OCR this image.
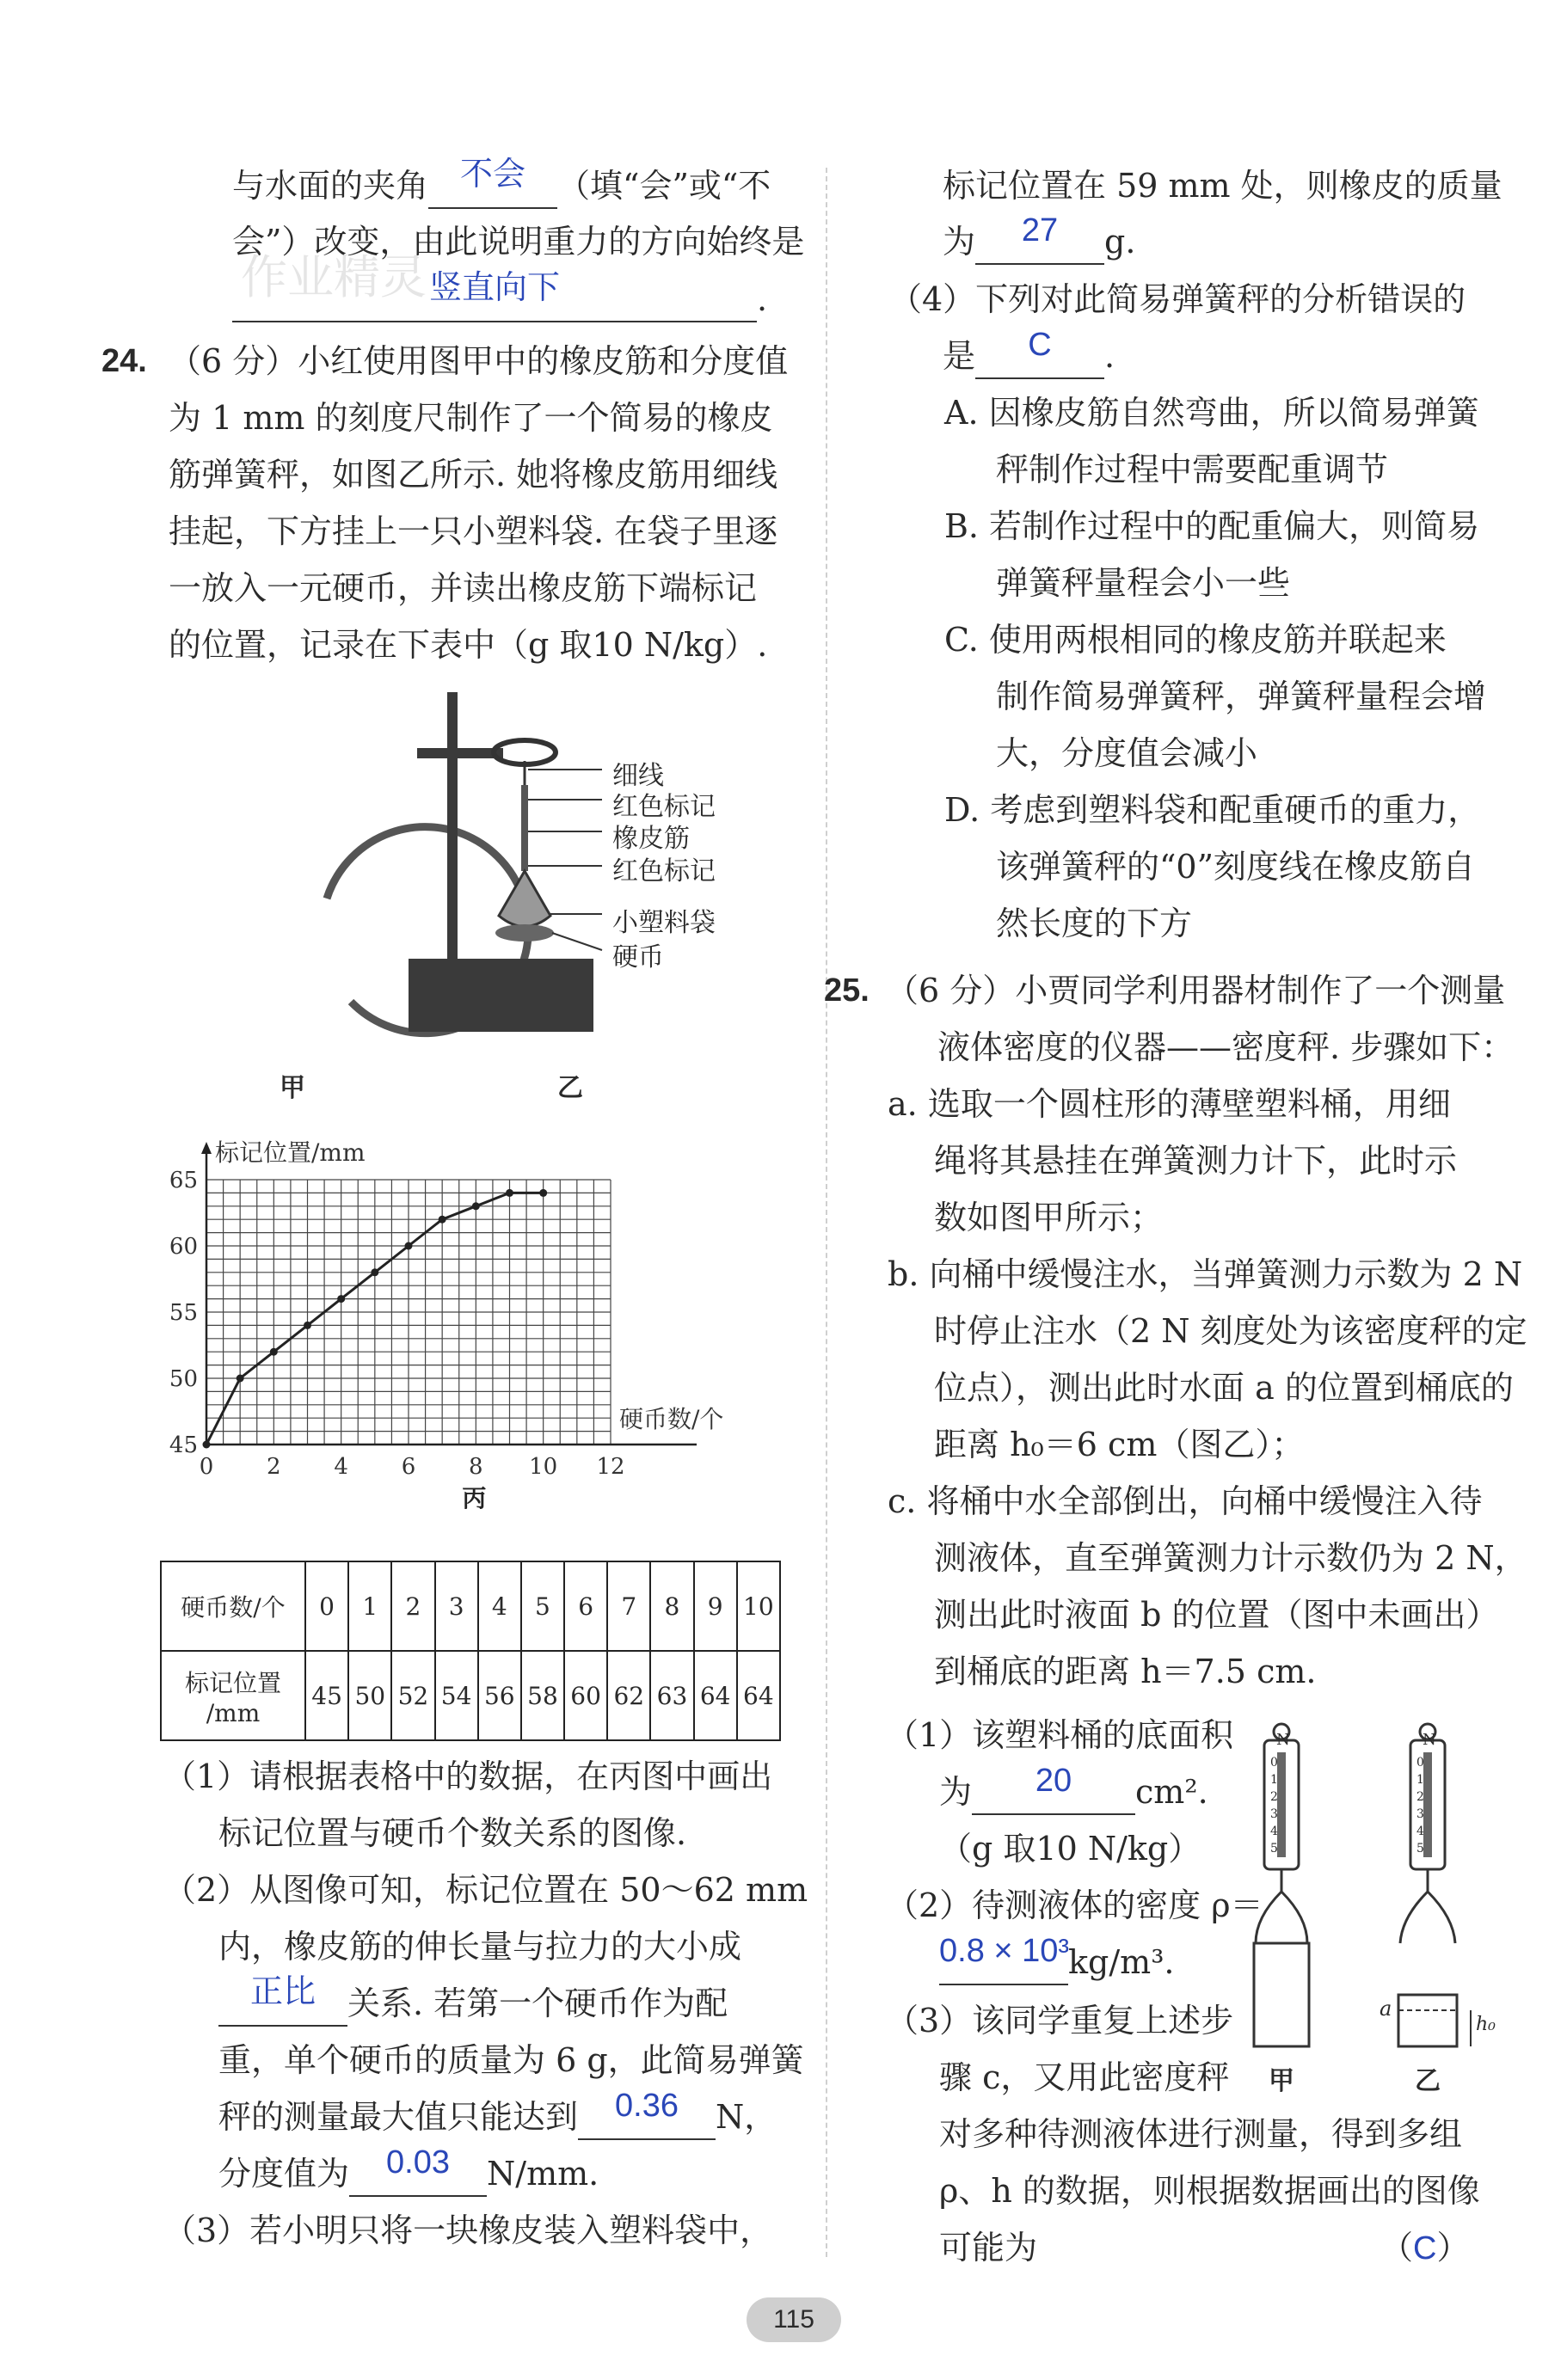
与水面的夹角 不会 （填“会”或“不
会”）改变，由此说明重力的方向始终是
竖直向下	.
作业精灵
24. （6 分）小红使用图甲中的橡皮筋和分度值
为 1 mm 的刻度尺制作了一个简易的橡皮
筋弹簧秤，如图乙所示. 她将橡皮筋用细线
挂起，下方挂上一只小塑料袋. 在袋子里逐
一放入一元硬币，并读出橡皮筋下端标记
的位置，记录在下表中（g 取10 N/kg）.
细线
红色标记
橡皮筋
红色标记
小塑料袋
硬币
甲	乙
0 2 4 6 8 10 12
45
50
55
60
65
标记位置/mm
硬币数/个
丙
硬币数/个	0	1	2	3	4	5	6	7	8	9	10
标记位置
/mm	45	50	52	54	56	58	60	62	63	64	64
（1）请根据表格中的数据，在丙图中画出
标记位置与硬币个数关系的图像.
（2）从图像可知，标记位置在 50～62 mm
内，橡皮筋的伸长量与拉力的大小成
正比 关系. 若第一个硬币作为配
重，单个硬币的质量为 6 g，此简易弹簧
秤的测量最大值只能达到 0.36 N，
分度值为 0.03 N/mm.
（3）若小明只将一块橡皮装入塑料袋中，
标记位置在 59 mm 处，则橡皮的质量
为 27 g.
（4）下列对此简易弹簧秤的分析错误的
是 C .
A. 因橡皮筋自然弯曲，所以简易弹簧
秤制作过程中需要配重调节
B. 若制作过程中的配重偏大，则简易
弹簧秤量程会小一些
C. 使用两根相同的橡皮筋并联起来
制作简易弹簧秤，弹簧秤量程会增
大，分度值会减小
D. 考虑到塑料袋和配重硬币的重力，
该弹簧秤的“0”刻度线在橡皮筋自
然长度的下方
25. （6 分）小贾同学利用器材制作了一个测量
液体密度的仪器——密度秤. 步骤如下：
a. 选取一个圆柱形的薄壁塑料桶，用细
绳将其悬挂在弹簧测力计下，此时示
数如图甲所示；
b. 向桶中缓慢注水，当弹簧测力示数为 2 N
时停止注水（2 N 刻度处为该密度秤的定
位点），测出此时水面 a 的位置到桶底的
距离 h₀＝6 cm（图乙）；
c. 将桶中水全部倒出，向桶中缓慢注入待
测液体，直至弹簧测力计示数仍为 2 N，
测出此时液面 b 的位置（图中未画出）
到桶底的距离 h＝7.5 cm.
（1）该塑料桶的底面积
为 20 cm².
（g 取10 N/kg）
（2）待测液体的密度 ρ＝
0.8 × 10³kg/m³.
（3）该同学重复上述步
骤 c，又用此密度秤
对多种待测液体进行测量，得到多组
ρ、h 的数据，则根据数据画出的图像
可能为	（C）
N	N
a
h₀
甲	乙
0
1
2
3
4
5
0
1
2
3
4
5
115
